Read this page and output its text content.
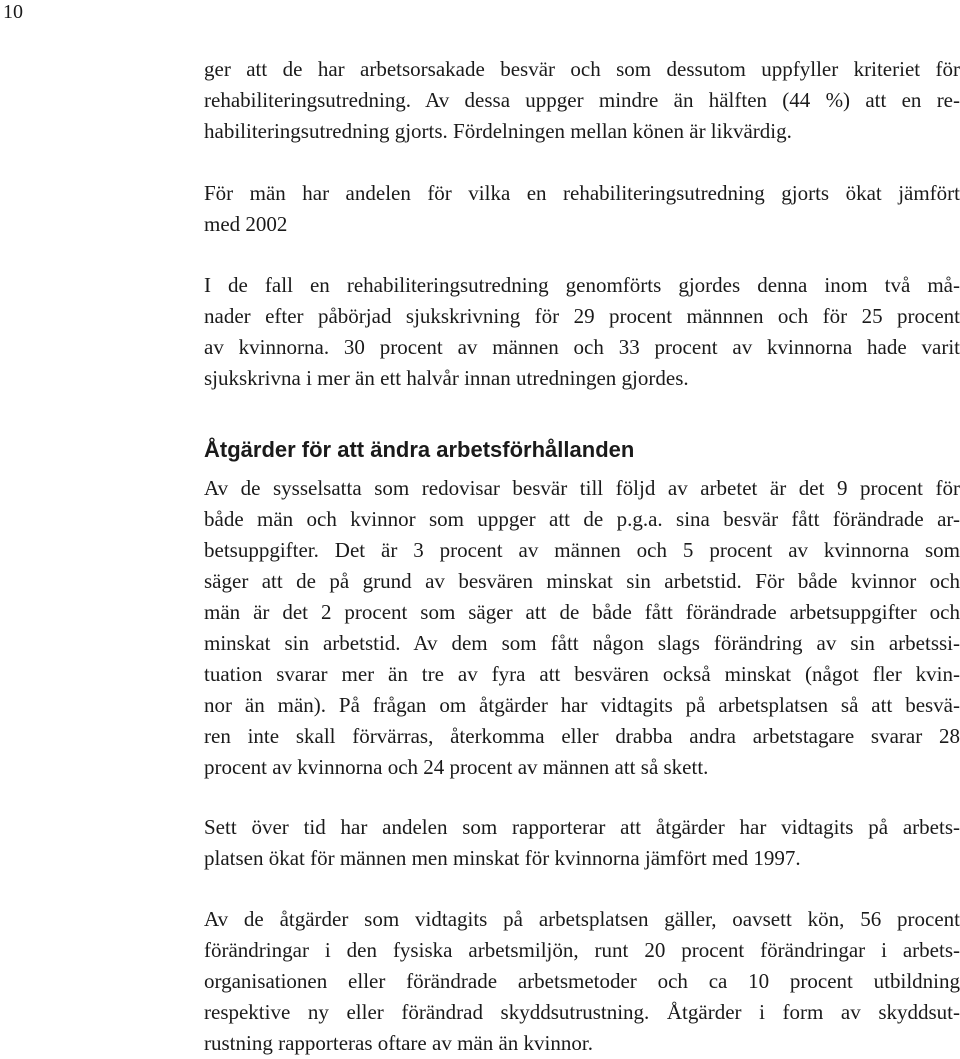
10

ger att de har arbetsorsakade besvär och som dessutom uppfyller kriteriet för
rehabiliteringsutredning. Av dessa uppger mindre än hälften (44 %) att en re-
habiliteringsutredning gjorts. Fördelningen mellan könen är likvärdig.

För män har andelen för vilka en rehabiliteringsutredning gjorts ökat jämfört
med 2002

I de fall en rehabiliteringsutredning genomförts gjordes denna inom två må-
nader efter påbörjad sjukskrivning för 29 procent männnen och för 25 procent
av kvinnorna. 30 procent av männen och 33 procent av kvinnorna hade varit
sjukskrivna i mer än ett halvår innan utredningen gjordes.

Åtgärder för att ändra arbetsförhållanden

Av de sysselsatta som redovisar besvär till följd av arbetet är det 9 procent för
både män och kvinnor som uppger att de p.g.a. sina besvär fått förändrade ar-
betsuppgifter. Det är 3 procent av männen och 5 procent av kvinnorna som
säger att de på grund av besvären minskat sin arbetstid. För både kvinnor och
män är det 2 procent som säger att de både fått förändrade arbetsuppgifter och
minskat sin arbetstid. Av dem som fått någon slags förändring av sin arbetssi-
tuation svarar mer än tre av fyra att besvären också minskat (något fler kvin-
nor än män). På frågan om åtgärder har vidtagits på arbetsplatsen så att besvä-
ren inte skall förvärras, återkomma eller drabba andra arbetstagare svarar 28
procent av kvinnorna och 24 procent av männen att så skett.

Sett över tid har andelen som rapporterar att åtgärder har vidtagits på arbets-
platsen ökat för männen men minskat för kvinnorna jämfört med 1997.

Av de åtgärder som vidtagits på arbetsplatsen gäller, oavsett kön, 56 procent
förändringar i den fysiska arbetsmiljön, runt 20 procent förändringar i arbets-
organisationen eller förändrade arbetsmetoder och ca 10 procent utbildning
respektive ny eller förändrad skyddsutrustning. Åtgärder i form av skyddsut-
rustning rapporteras oftare av män än kvinnor.
